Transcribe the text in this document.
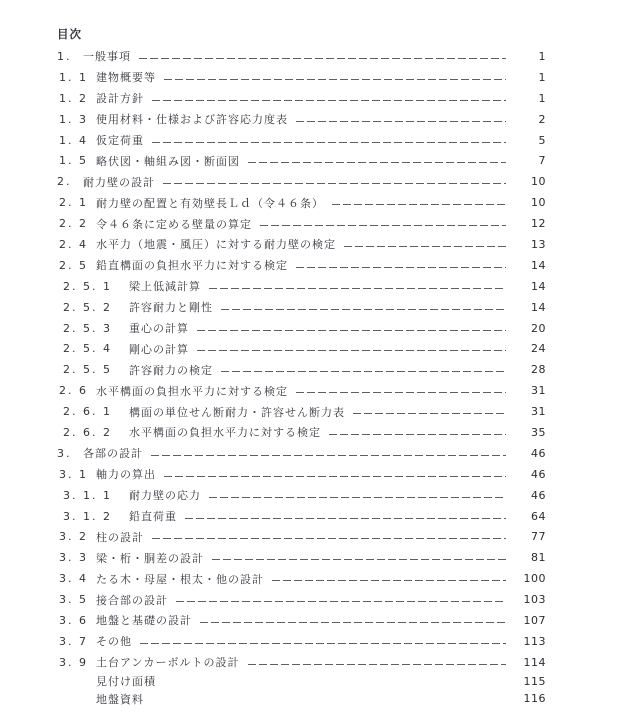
目次
1.	一般事項	1
1. 1 建物概要等	1
1. 2 設計方針	1
1. 3 使用材料・仕様および許容応力度表	2
1. 4 仮定荷重	5
1. 5 略伏図・軸組み図・断面図	7
2.	耐力壁の設計	10
2. 1 耐力壁の配置と有効壁長Ｌｄ（令４６条）	10
2. 2 令４６条に定める壁量の算定	12
2. 4 水平力（地震・風圧）に対する耐力壁の検定	13
2. 5 鉛直構面の負担水平力に対する検定	14
2. 5. 1	梁上低減計算	14
2. 5. 2	許容耐力と剛性	14
2. 5. 3	重心の計算	20
2. 5. 4	剛心の計算	24
2. 5. 5	許容耐力の検定	28
2. 6 水平構面の負担水平力に対する検定	31
2. 6. 1	構面の単位せん断耐力・許容せん断力表	31
2. 6. 2	水平構面の負担水平力に対する検定	35
3.	各部の設計	46
3. 1 軸力の算出	46
3. 1. 1	耐力壁の応力	46
3. 1. 2	鉛直荷重	64
3. 2 柱の設計	77
3. 3 梁・桁・胴差の設計	81
3. 4 たる木・母屋・根太・他の設計	100
3. 5 接合部の設計	103
3. 6 地盤と基礎の設計	107
3. 7 その他	113
3. 9 土台アンカーボルトの設計	114
見付け面積	115
地盤資料	116
